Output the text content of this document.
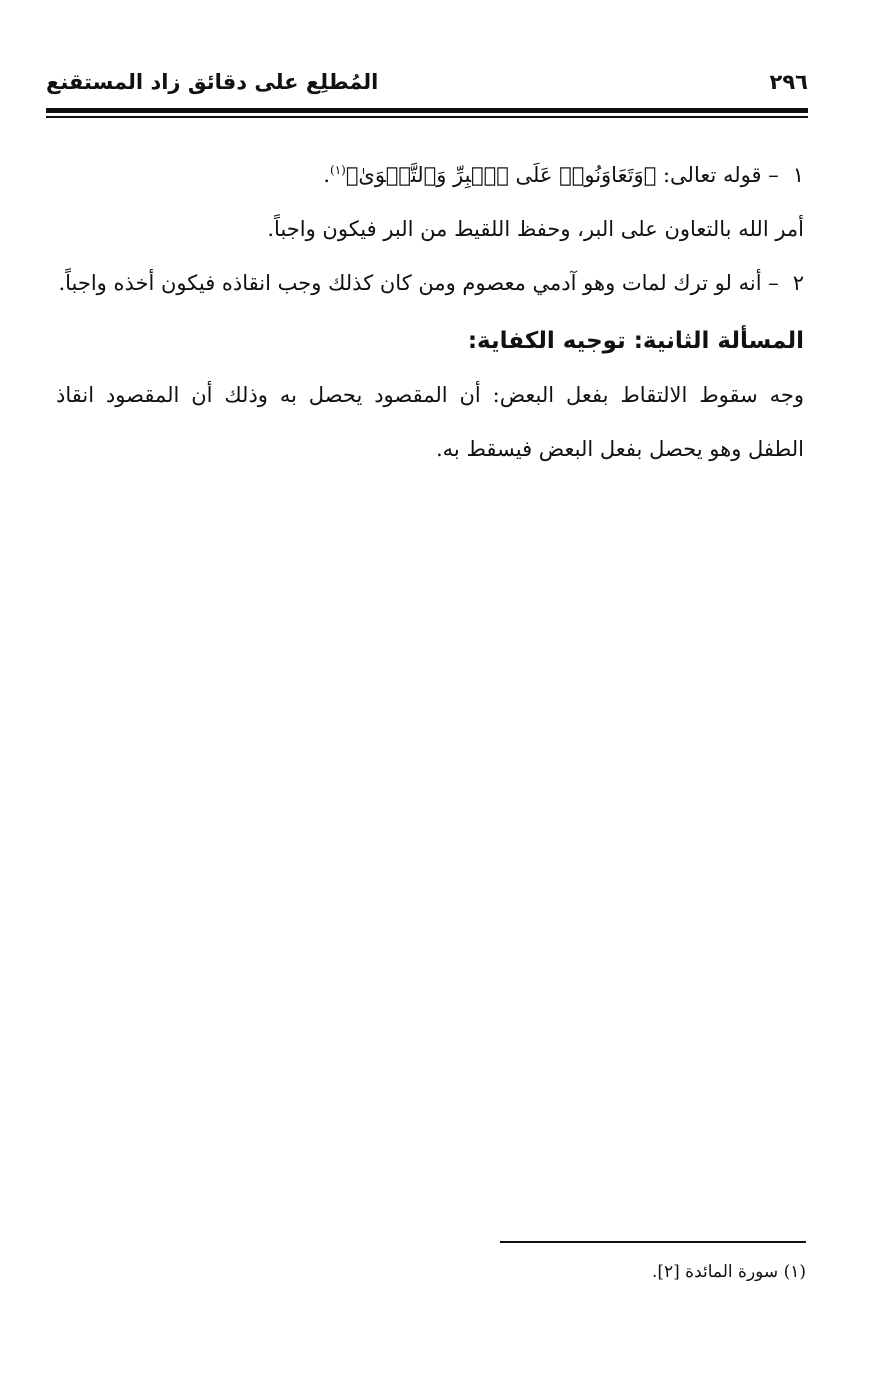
٢٩٦
المُطلِع على دقائق زاد المستقنع

١– قوله تعالى: ﴿وَتَعَاوَنُوا۟ عَلَى ٱلۡبِرِّ وَٱلتَّقۡوَىٰ﴾$^{(١)}$.

أمر الله بالتعاون على البر، وحفظ اللقيط من البر فيكون واجباً.

٢– أنه لو ترك لمات وهو آدمي معصوم ومن كان كذلك وجب انقاذه فيكون أخذه واجباً.

المسألة الثانية: توجيه الكفاية:

وجه سقوط الالتقاط بفعل البعض: أن المقصود يحصل به وذلك أن المقصود انقاذ الطفل وهو يحصل بفعل البعض فيسقط به.

(١) سورة المائدة [٢].
